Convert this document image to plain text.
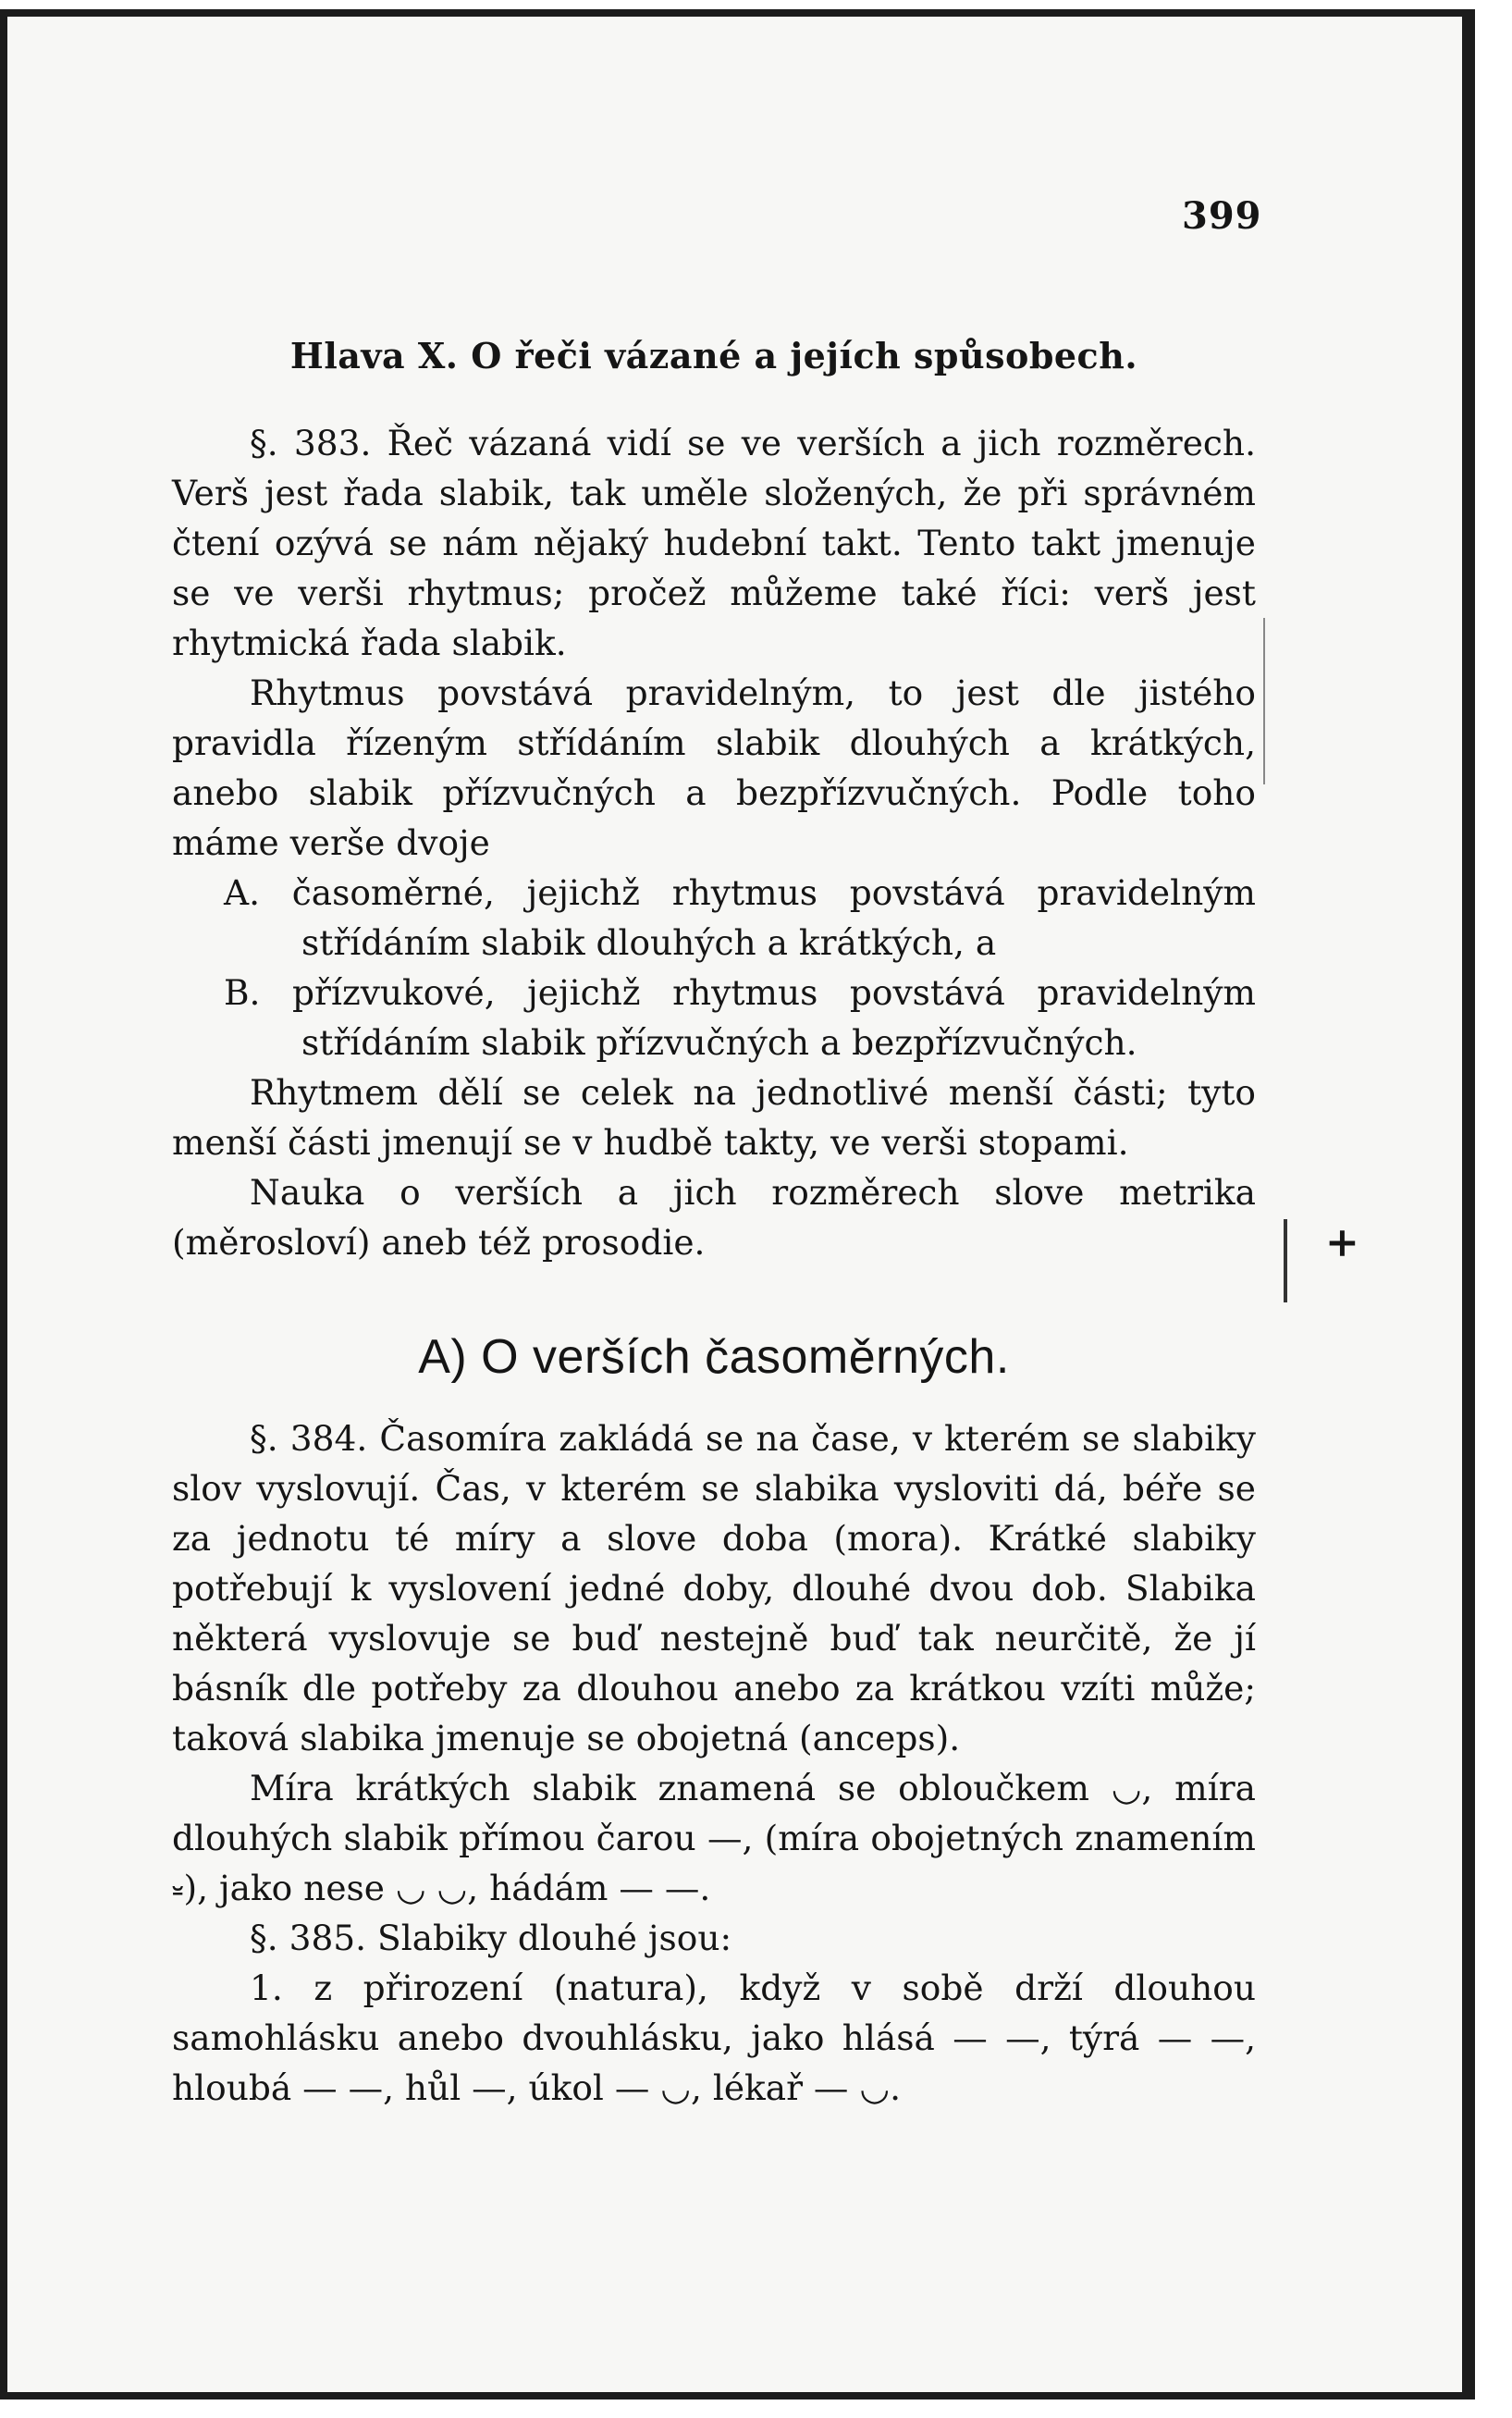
399
Hlava X. O řeči vázané a jejích spůsobech.

§. 383. Řeč vázaná vidí se ve verších a jich rozměrech. Verš jest řada slabik, tak uměle složených, že při správném čtení ozývá se nám nějaký hudební takt. Tento takt jmenuje se ve verši rhytmus; pročež můžeme také říci: verš jest rhytmická řada slabik.

Rhytmus povstává pravidelným, to jest dle jistého pravidla řízeným střídáním slabik dlouhých a krátkých, anebo slabik přízvučných a bezpřízvučných. Podle toho máme verše dvoje

A. časoměrné, jejichž rhytmus povstává pravidelným střídáním slabik dlouhých a krátkých, a

B. přízvukové, jejichž rhytmus povstává pravidelným střídáním slabik přízvučných a bezpřízvučných.

Rhytmem dělí se celek na jednotlivé menší části; tyto menší části jmenují se v hudbě takty, ve verši stopami.

Nauka o verších a jich rozměrech slove metrika (měrosloví) aneb též prosodie.

A) O verších časoměrných.

§. 384. Časomíra zakládá se na čase, v kterém se slabiky slov vyslovují. Čas, v kterém se slabika vysloviti dá, béře se za jednotu té míry a slove doba (mora). Krátké slabiky potřebují k vyslovení jedné doby, dlouhé dvou dob. Slabika některá vyslovuje se buď nestejně buď tak neurčitě, že jí básník dle potřeby za dlouhou anebo za krátkou vzíti může; taková slabika jmenuje se obojetná (anceps).

Míra krátkých slabik znamená se obloučkem ◡, míra dlouhých slabik přímou čarou —, (míra obojetných znamením ⏓), jako nese ◡ ◡, hádám — —.

§. 385. Slabiky dlouhé jsou:

1. z přirození (natura), když v sobě drží dlouhou samohlásku anebo dvouhlásku, jako hlásá — —, týrá — —, hloubá — —, hůl —, úkol — ◡, lékař — ◡.

+
